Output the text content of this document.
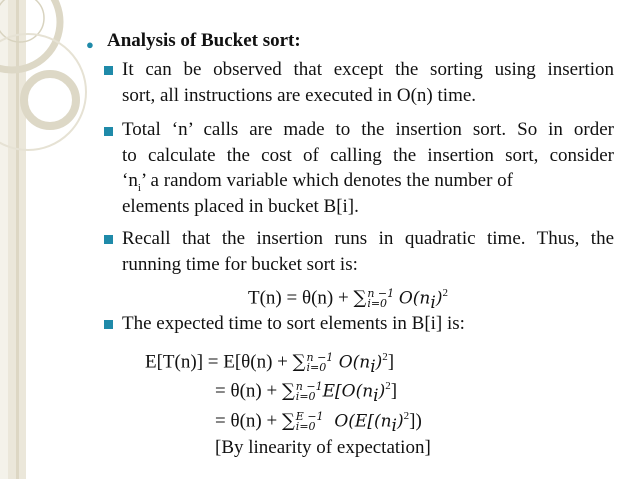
● Analysis of Bucket sort:
It can be observed that except the sorting using insertion
sort, all instructions are executed in O(n) time.
Total ‘n’ calls are made to the insertion sort. So in order
to calculate the cost of calling the insertion sort, consider
‘$n_i$’ a random variable which denotes the number of
elements placed in bucket B[i].
Recall that the insertion runs in quadratic time. Thus, the
running time for bucket sort is:
T(n) = θ(n) + ∑n −1
i=0 $O(n_i)^2$
The expected time to sort elements in B[i] is:
E[T(n)] = E[θ(n) + ∑n −1
i=0 $O(n_i)^2$]
= θ(n) + ∑n −1
i=0 $E[O(n_i)^2]$
= θ(n) + ∑E −1
i=0  $O(E[(n_i)^2])$
[By linearity of expectation]
